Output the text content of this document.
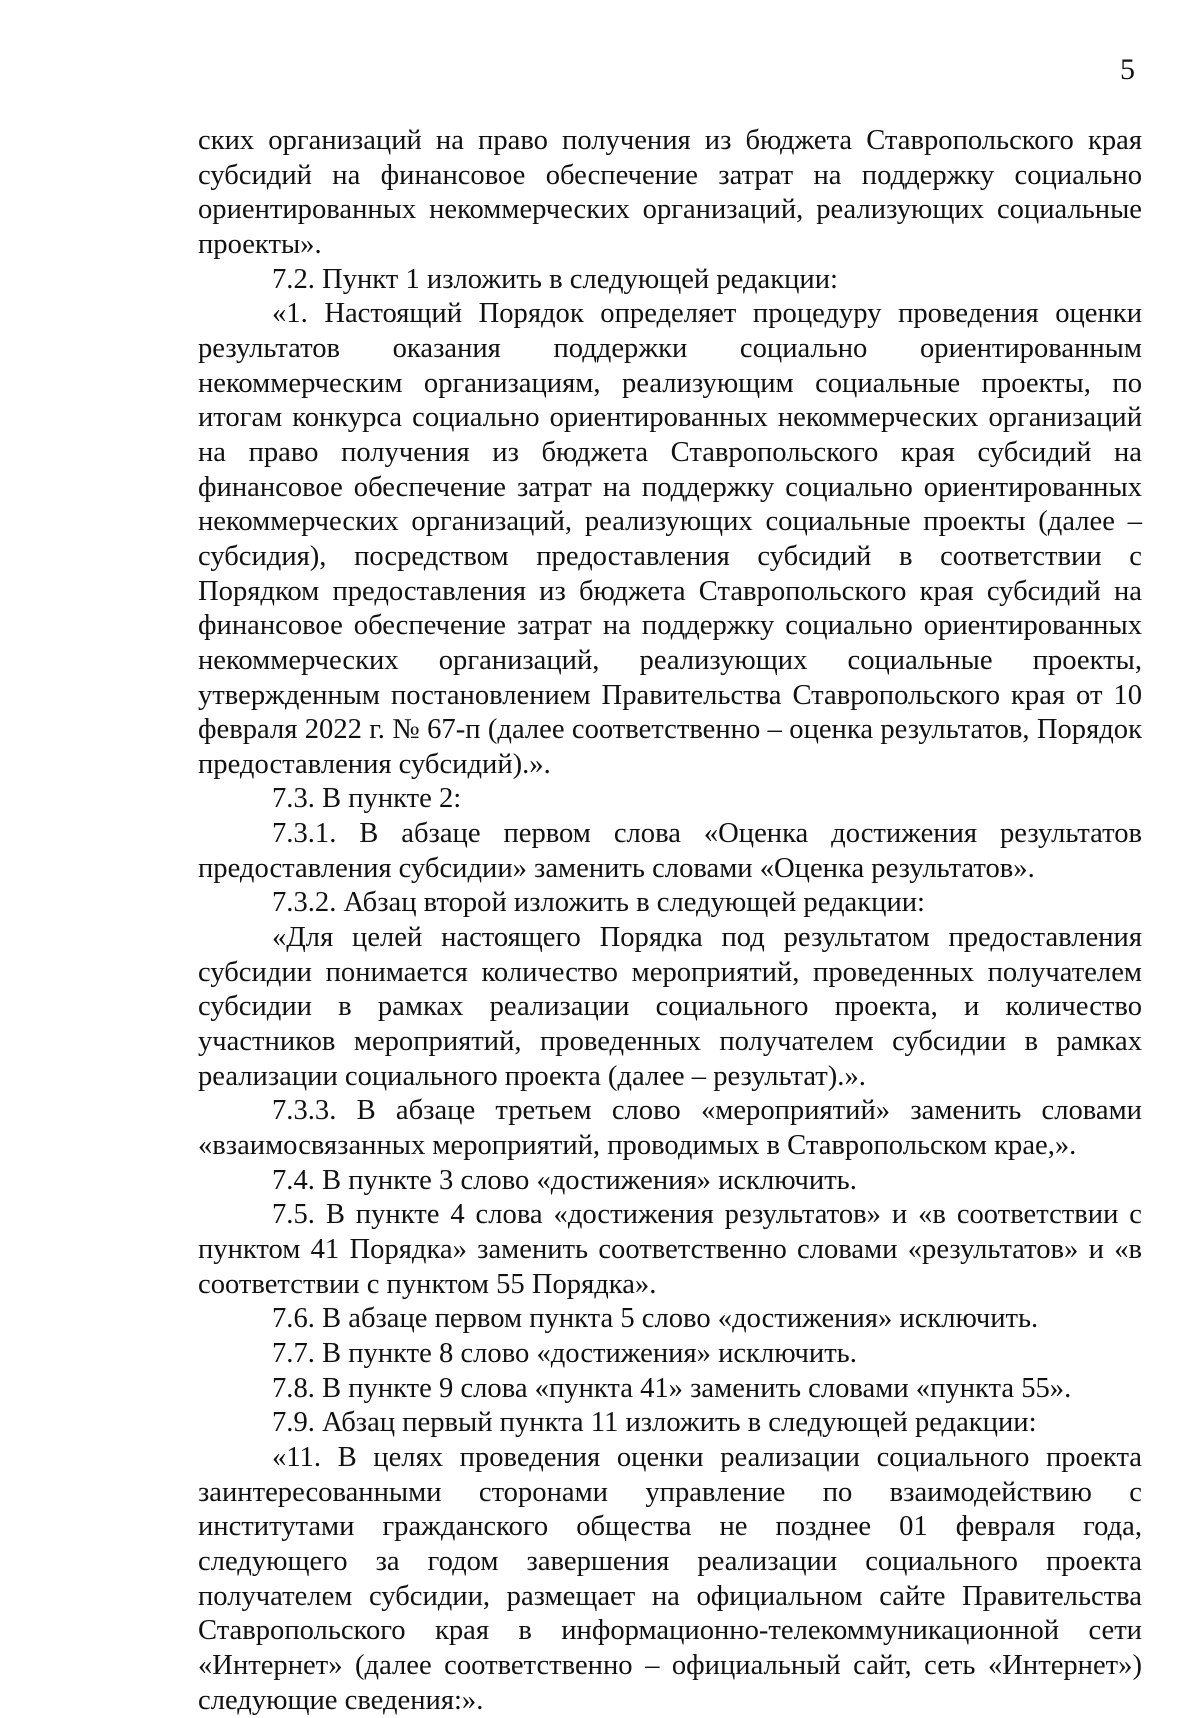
5

ских организаций на право получения из бюджета Ставропольского края субсидий на финансовое обеспечение затрат на поддержку социально ориентированных некоммерческих организаций, реализующих социальные проекты».

7.2. Пункт 1 изложить в следующей редакции:

«1. Настоящий Порядок определяет процедуру проведения оценки результатов оказания поддержки социально ориентированным некоммерческим организациям, реализующим социальные проекты, по итогам конкурса социально ориентированных некоммерческих организаций на право получения из бюджета Ставропольского края субсидий на финансовое обеспечение затрат на поддержку социально ориентированных некоммерческих организаций, реализующих социальные проекты (далее – субсидия), посредством предоставления субсидий в соответствии с Порядком предоставления из бюджета Ставропольского края субсидий на финансовое обеспечение затрат на поддержку социально ориентированных некоммерческих организаций, реализующих социальные проекты, утвержденным постановлением Правительства Ставропольского края от 10 февраля 2022 г. № 67-п (далее соответственно – оценка результатов, Порядок предоставления субсидий).».

7.3. В пункте 2:

7.3.1. В абзаце первом слова «Оценка достижения результатов предоставления субсидии» заменить словами «Оценка результатов».

7.3.2. Абзац второй изложить в следующей редакции:

«Для целей настоящего Порядка под результатом предоставления субсидии понимается количество мероприятий, проведенных получателем субсидии в рамках реализации социального проекта, и количество участников мероприятий, проведенных получателем субсидии в рамках реализации социального проекта (далее – результат).».

7.3.3. В абзаце третьем слово «мероприятий» заменить словами «взаимосвязанных мероприятий, проводимых в Ставропольском крае,».

7.4. В пункте 3 слово «достижения» исключить.

7.5. В пункте 4 слова «достижения результатов» и «в соответствии с пунктом 41 Порядка» заменить соответственно словами «результатов» и «в соответствии с пунктом 55 Порядка».

7.6. В абзаце первом пункта 5 слово «достижения» исключить.

7.7. В пункте 8 слово «достижения» исключить.

7.8. В пункте 9 слова «пункта 41» заменить словами «пункта 55».

7.9. Абзац первый пункта 11 изложить в следующей редакции:

«11. В целях проведения оценки реализации социального проекта заинтересованными сторонами управление по взаимодействию с институтами гражданского общества не позднее 01 февраля года, следующего за годом завершения реализации социального проекта получателем субсидии, размещает на официальном сайте Правительства Ставропольского края в информационно-телекоммуникационной сети «Интернет» (далее соответственно – официальный сайт, сеть «Интернет») следующие сведения:».
